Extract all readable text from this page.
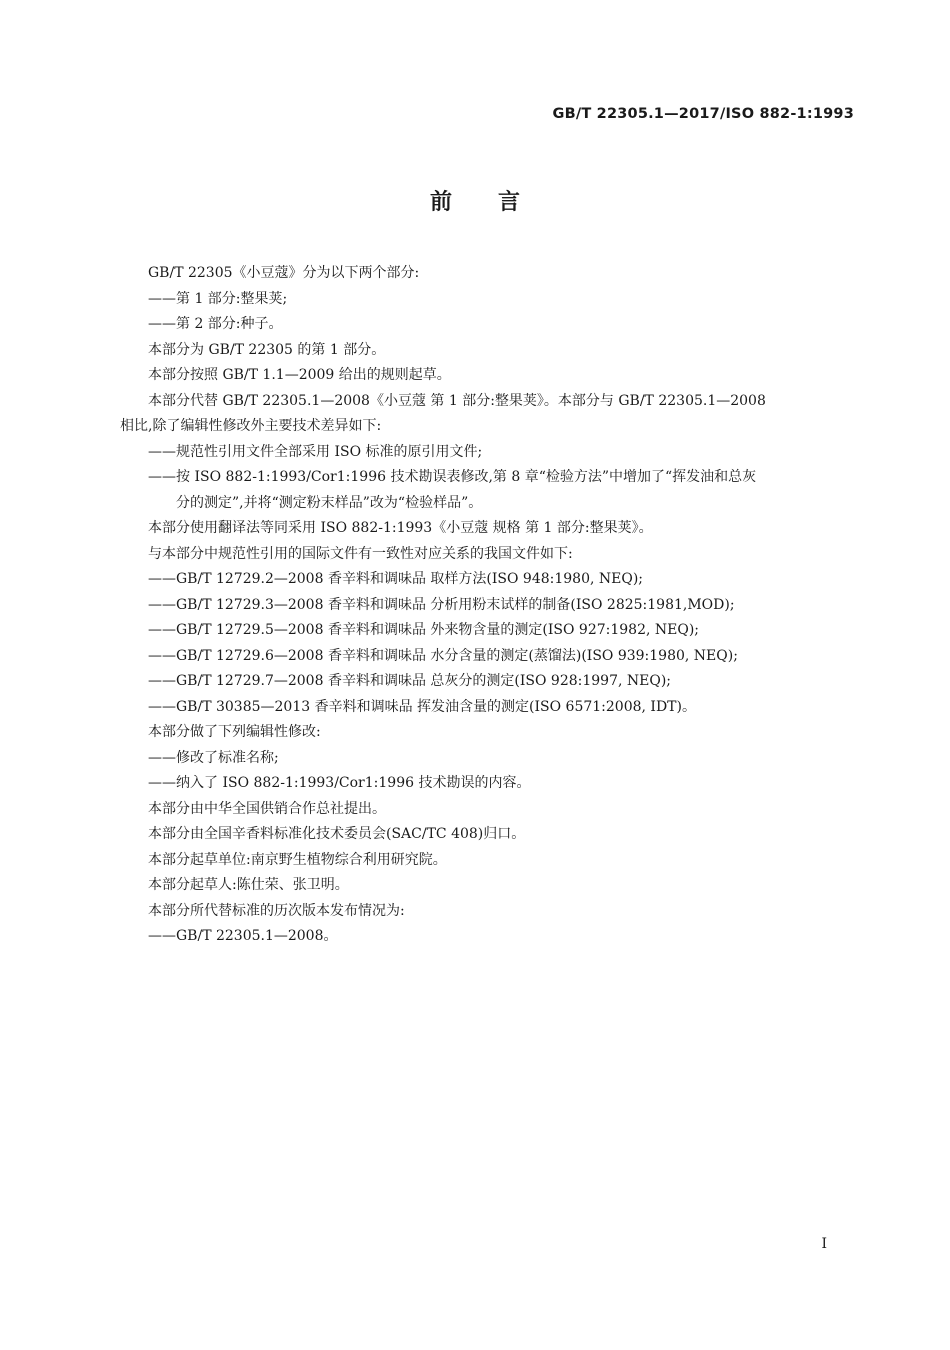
GB/T 22305.1—2017/ISO 882-1:1993
前言

GB/T 22305《小豆蔻》分为以下两个部分:

——第 1 部分:整果荚;

——第 2 部分:种子。

本部分为 GB/T 22305 的第 1 部分。

本部分按照 GB/T 1.1—2009 给出的规则起草。

本部分代替 GB/T 22305.1—2008《小豆蔻 第 1 部分:整果荚》。本部分与 GB/T 22305.1—2008

相比,除了编辑性修改外主要技术差异如下:

——规范性引用文件全部采用 ISO 标准的原引用文件;

——按 ISO 882-1:1993/Cor1:1996 技术勘误表修改,第 8 章“检验方法”中增加了“挥发油和总灰

分的测定”,并将“测定粉末样品”改为“检验样品”。

本部分使用翻译法等同采用 ISO 882-1:1993《小豆蔻 规格 第 1 部分:整果荚》。

与本部分中规范性引用的国际文件有一致性对应关系的我国文件如下:

——GB/T 12729.2—2008 香辛料和调味品 取样方法(ISO 948:1980, NEQ);

——GB/T 12729.3—2008 香辛料和调味品 分析用粉末试样的制备(ISO 2825:1981,MOD);

——GB/T 12729.5—2008 香辛料和调味品 外来物含量的测定(ISO 927:1982, NEQ);

——GB/T 12729.6—2008 香辛料和调味品 水分含量的测定(蒸馏法)(ISO 939:1980, NEQ);

——GB/T 12729.7—2008 香辛料和调味品 总灰分的测定(ISO 928:1997, NEQ);

——GB/T 30385—2013 香辛料和调味品 挥发油含量的测定(ISO 6571:2008, IDT)。

本部分做了下列编辑性修改:

——修改了标准名称;

——纳入了 ISO 882-1:1993/Cor1:1996 技术勘误的内容。

本部分由中华全国供销合作总社提出。

本部分由全国辛香料标准化技术委员会(SAC/TC 408)归口。

本部分起草单位:南京野生植物综合利用研究院。

本部分起草人:陈仕荣、张卫明。

本部分所代替标准的历次版本发布情况为:

——GB/T 22305.1—2008。

I
